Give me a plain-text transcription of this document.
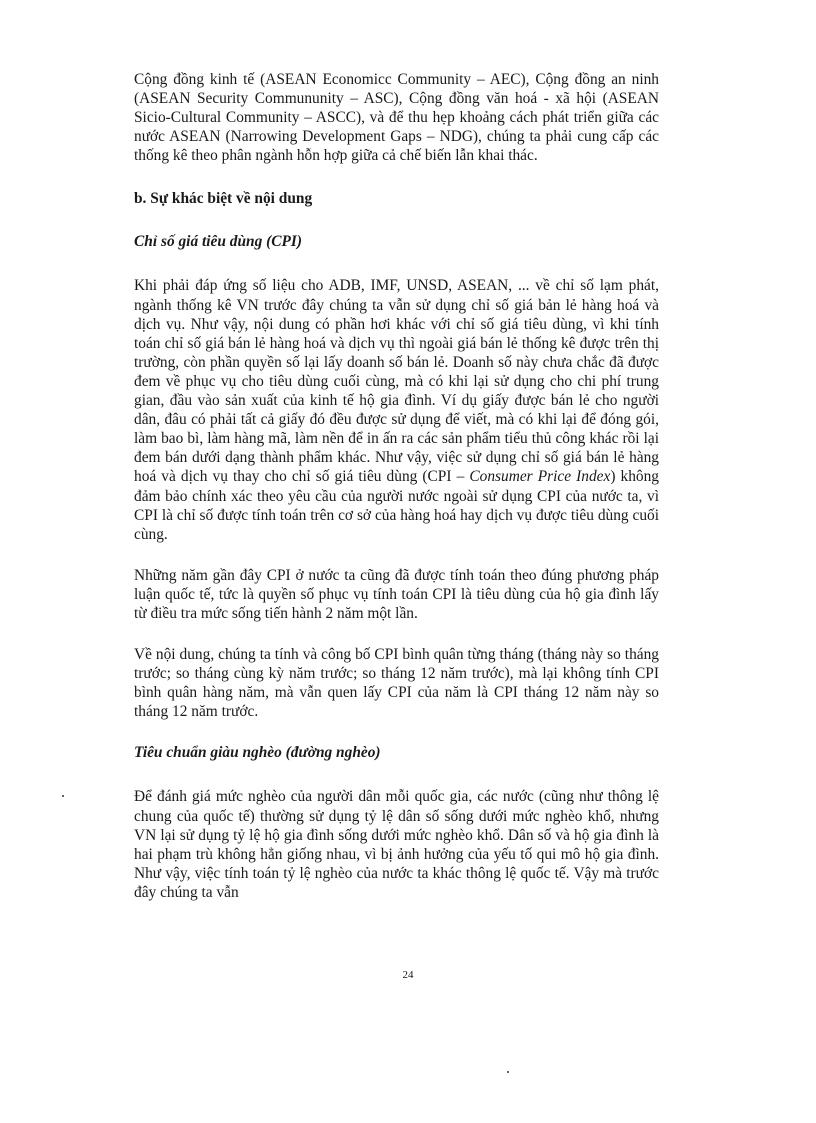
Cộng đồng kinh tế (ASEAN Economicc Community – AEC), Cộng đồng an ninh (ASEAN Security Commununity – ASC), Cộng đồng văn hoá - xã hội (ASEAN Sicio-Cultural Community – ASCC), và để thu hẹp khoảng cách phát triển giữa các nước ASEAN (Narrowing Development Gaps – NDG), chúng ta phải cung cấp các thống kê theo phân ngành hỗn hợp giữa cả chế biến lẫn khai thác.

b. Sự khác biệt về nội dung
Chỉ số giá tiêu dùng (CPI)

Khi phải đáp ứng số liệu cho ADB, IMF, UNSD, ASEAN, ... về chỉ số lạm phát, ngành thống kê VN trước đây chúng ta vẫn sử dụng chỉ số giá bản lẻ hàng hoá và dịch vụ. Như vậy, nội dung có phần hơi khác với chỉ số giá tiêu dùng, vì khi tính toán chỉ số giá bán lẻ hàng hoá và dịch vụ thì ngoài giá bán lẻ thống kê được trên thị trường, còn phần quyền số lại lấy doanh số bán lẻ. Doanh số này chưa chắc đã được đem về phục vụ cho tiêu dùng cuối cùng, mà có khi lại sử dụng cho chi phí trung gian, đầu vào sản xuất của kinh tế hộ gia đình. Ví dụ giấy được bán lẻ cho người dân, đâu có phải tất cả giấy đó đều được sử dụng để viết, mà có khi lại để đóng gói, làm bao bì, làm hàng mã, làm nền để in ấn ra các sản phẩm tiểu thủ công khác rồi lại đem bán dưới dạng thành phẩm khác. Như vậy, việc sử dụng chỉ số giá bán lẻ hàng hoá và dịch vụ thay cho chỉ số giá tiêu dùng (CPI – Consumer Price Index) không đảm bảo chính xác theo yêu cầu của người nước ngoài sử dụng CPI của nước ta, vì CPI là chỉ số được tính toán trên cơ sở của hàng hoá hay dịch vụ được tiêu dùng cuối cùng.

Những năm gần đây CPI ở nước ta cũng đã được tính toán theo đúng phương pháp luận quốc tế, tức là quyền số phục vụ tính toán CPI là tiêu dùng của hộ gia đình lấy từ điều tra mức sống tiến hành 2 năm một lần.

Về nội dung, chúng ta tính và công bố CPI bình quân từng tháng (tháng này so tháng trước; so tháng cùng kỳ năm trước; so tháng 12 năm trước), mà lại không tính CPI bình quân hàng năm, mà vẫn quen lấy CPI của năm là CPI tháng 12 năm này so tháng 12 năm trước.

Tiêu chuẩn giàu nghèo (đường nghèo)

Để đánh giá mức nghèo của người dân mỗi quốc gia, các nước (cũng như thông lệ chung của quốc tế) thường sử dụng tỷ lệ dân số sống dưới mức nghèo khổ, nhưng VN lại sử dụng tỷ lệ hộ gia đình sống dưới mức nghèo khổ. Dân số và hộ gia đình là hai phạm trù không hẳn giống nhau, vì bị ảnh hưởng của yếu tố qui mô hộ gia đình. Như vậy, việc tính toán tỷ lệ nghèo của nước ta khác thông lệ quốc tế. Vậy mà trước đây chúng ta vẫn

24
